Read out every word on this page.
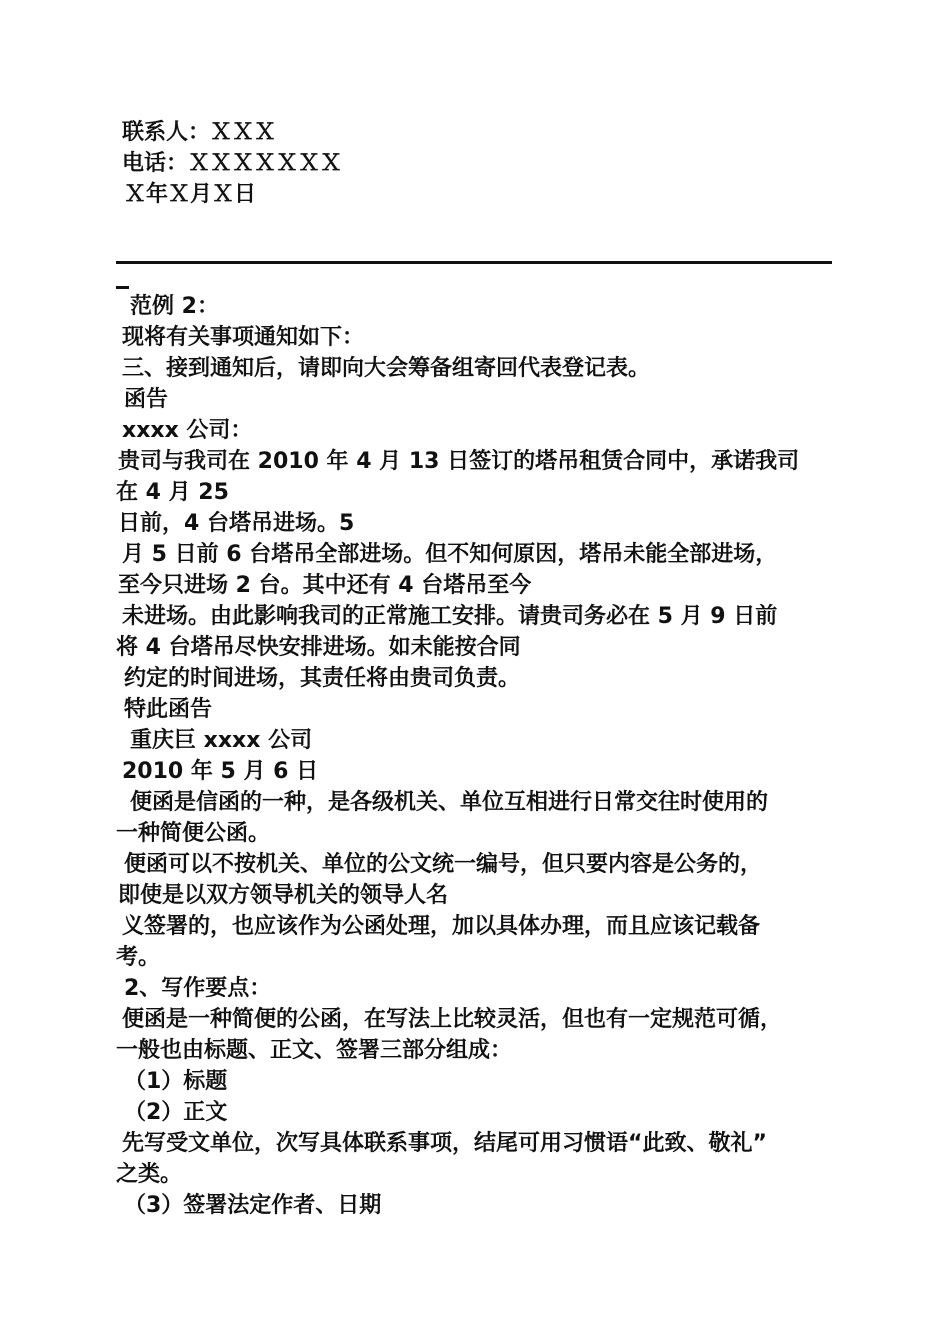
联系人：ＸＸＸ
电话：ＸＸＸＸＸＸＸ
Ｘ年Ｘ月Ｘ日
范例 2：
现将有关事项通知如下：
三、接到通知后，请即向大会筹备组寄回代表登记表。
函告
xxxx 公司：
贵司与我司在 2010 年 4 月 13 日签订的塔吊租赁合同中，承诺我司
在 4 月 25
日前，4 台塔吊进场。5
月 5 日前 6 台塔吊全部进场。但不知何原因，塔吊未能全部进场，
至今只进场 2 台。其中还有 4 台塔吊至今
未进场。由此影响我司的正常施工安排。请贵司务必在 5 月 9 日前
将 4 台塔吊尽快安排进场。如未能按合同
约定的时间进场，其责任将由贵司负责。
特此函告
重庆巨 xxxx 公司
2010 年 5 月 6 日
便函是信函的一种，是各级机关、单位互相进行日常交往时使用的
一种简便公函。
便函可以不按机关、单位的公文统一编号，但只要内容是公务的，
即使是以双方领导机关的领导人名
义签署的，也应该作为公函处理，加以具体办理，而且应该记载备
考。
2、写作要点：
便函是一种简便的公函，在写法上比较灵活，但也有一定规范可循，
一般也由标题、正文、签署三部分组成：
（1）标题
（2）正文
先写受文单位，次写具体联系事项，结尾可用习惯语“此致、敬礼”
之类。
（3）签署法定作者、日期
